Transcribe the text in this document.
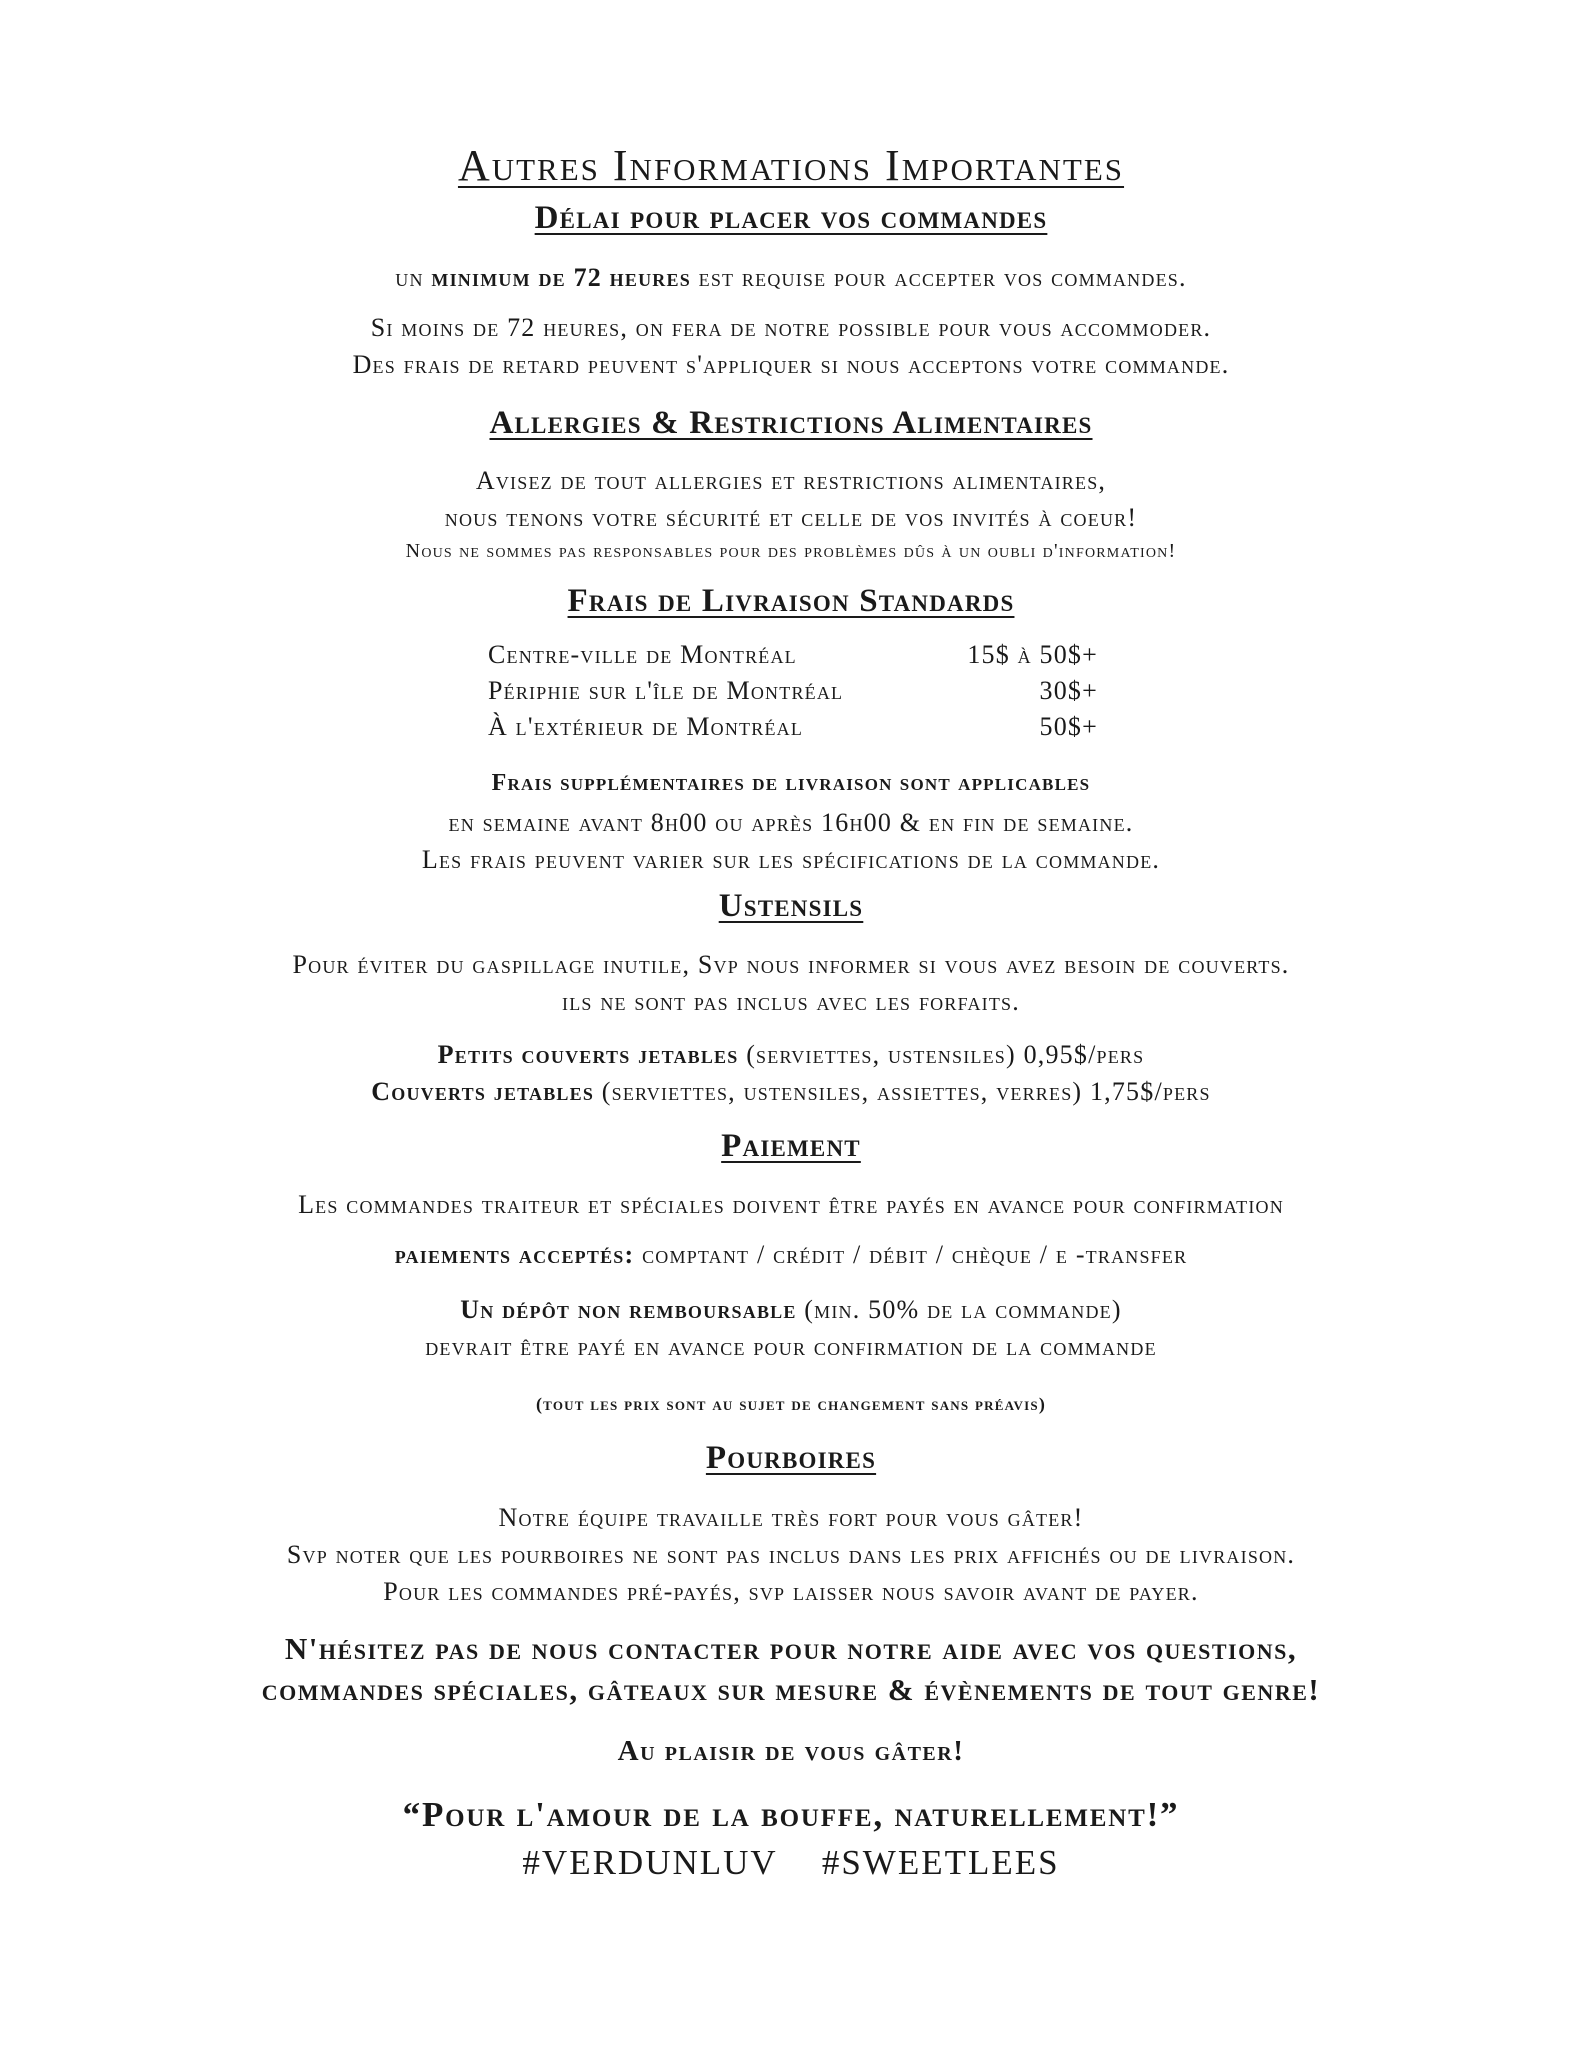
Autres Informations Importantes
Délai pour placer vos commandes
un minimum de 72 heures est requise pour accepter vos commandes.
Si moins de 72 heures, on fera de notre possible pour vous accommoder.
Des frais de retard peuvent s'appliquer si nous acceptons votre commande.
Allergies & Restrictions Alimentaires
Avisez de tout allergies et restrictions alimentaires,
nous tenons votre sécurité et celle de vos invités à coeur!
Nous ne sommes pas responsables pour des problèmes dûs à un oubli d'information!
Frais de Livraison Standards
Centre-ville de Montréal	15$ à 50$+
Périphie sur l'île de Montréal	30$+
À l'extérieur de Montréal	50$+
Frais supplémentaires de livraison sont applicables
en semaine avant 8h00 ou après 16h00 & en fin de semaine.
Les frais peuvent varier sur les spécifications de la commande.
Ustensils
Pour éviter du gaspillage inutile, Svp nous informer si vous avez besoin de couverts.
ils ne sont pas inclus avec les forfaits.
Petits couverts jetables (serviettes, ustensiles) 0,95$/pers
Couverts jetables (serviettes, ustensiles, assiettes, verres) 1,75$/pers
Paiement
Les commandes traiteur et spéciales doivent être payés en avance pour confirmation
paiements acceptés: comptant / crédit / débit / chèque / e -transfer
Un dépôt non remboursable (min. 50% de la commande)
devrait être payé en avance pour confirmation de la commande
(tout les prix sont au sujet de changement sans préavis)
Pourboires
Notre équipe travaille très fort pour vous gâter!
Svp noter que les pourboires ne sont pas inclus dans les prix affichés ou de livraison.
Pour les commandes pré-payés, svp laisser nous savoir avant de payer.
N'hésitez pas de nous contacter pour notre aide avec vos questions,
commandes spéciales, gâteaux sur mesure & évènements de tout genre!
Au plaisir de vous gâter!
“Pour l'amour de la bouffe, naturellement!”
#VERDUNLUV #SWEETLEES
